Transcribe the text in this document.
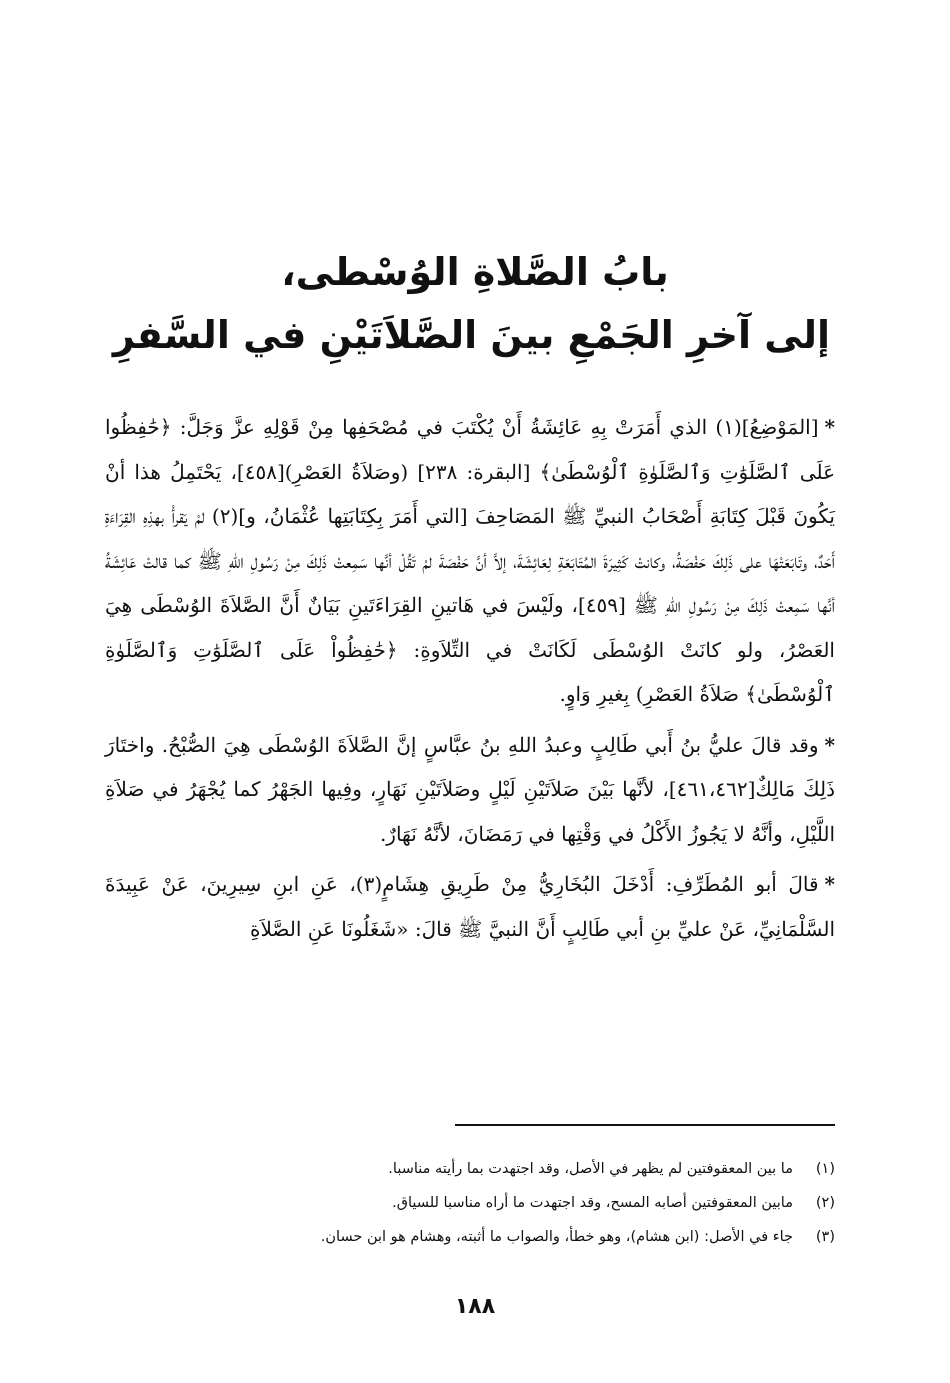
بابُ الصَّلاةِ الوُسْطى،
إلى آخرِ الجَمْعِ بينَ الصَّلاَتَيْنِ في السَّفرِ

*[المَوْضِعُ](١) الذي أَمَرَتْ بِهِ عَائِشَةُ أَنْ يُكْتَبَ في مُصْحَفِها مِنْ قَوْلِهِ عزَّ وَجَلَّ: ﴿حَٰفِظُوا عَلَى ٱلصَّلَوَٰتِ وَٱلصَّلَوٰةِ ٱلْوُسْطَىٰ﴾ [البقرة: ٢٣٨] (وصَلاَةُ العَصْرِ)[٤٥٨]، يَحْتَمِلُ هذا أنْ يَكُونَ قَبْلَ كِتَابَةِ أَصْحَابُ النبيِّ ﷺ المَصَاحِفَ [التي أَمَرَ بِكِتَابَتِها عُثْمَانُ، و](٢) لمْ يَقرأْ بهذِهِ القِرَاءَةِ أَحَدٌ، وتَابَعَتْهَا على ذَلِكَ حَفْصَةُ، وكانتْ كَثِيرَةَ المُتَابَعَةِ لِعَائِشَةَ، إلاَّ أنَّ حَفْصَةَ لمْ تَقُلْ أنَّها سَمِعتْ ذَلِكَ مِنْ رَسُولِ اللهِ ﷺ كما قالتْ عَائِشَةُ أنَّها سَمِعتْ ذَلِكَ مِنْ رَسُولِ اللهِ ﷺ [٤٥٩]، ولَيْسَ في هَاتينِ القِرَاءَتَينِ بَيَانٌ أَنَّ الصَّلاَةَ الوُسْطَى هِيَ العَصْرُ، ولو كانَتْ الوُسْطَى لَكَانَتْ في التِّلاَوةِ: ﴿حَٰفِظُواْ عَلَى ٱلصَّلَوَٰتِ وَٱلصَّلَوٰةِ ٱلْوُسْطَىٰ﴾ صَلاَةُ العَصْرِ) بِغيرِ وَاوٍ.

*وقد قالَ عليُّ بنُ أَبي طَالِبٍ وعبدُ اللهِ بنُ عبَّاسٍ إنَّ الصَّلاَةَ الوُسْطَى هِيَ الصُّبْحُ. واختَارَ ذَلِكَ مَالِكٌ[٤٦١،٤٦٢]، لأنَّها بَيْنَ صَلاَتَيْنِ لَيْلٍ وصَلاَتَيْنِ نَهَارٍ، وفِيها الجَهْرُ كما يُجْهَرُ في صَلاَةِ اللَّيْلِ، وأنَّهُ لا يَجُوزُ الأَكْلُ في وَقْتِها في رَمَضَانَ، لأنَّهُ نَهَارٌ.

*قالَ أبو المُطَرِّفِ: أَدْخَلَ البُخَارِيُّ مِنْ طَرِيقِ هِشَامٍ(٣)، عَنِ ابنِ سِيرِينَ، عَنْ عَبِيدَةَ السَّلْمَانِيِّ، عَنْ عليِّ بنِ أبي طَالِبٍ أَنَّ النبيَّ ﷺ قالَ: «شَغَلُونَا عَنِ الصَّلاَةِ

(١)ما بين المعقوفتين لم يظهر في الأصل، وقد اجتهدت بما رأيته مناسبا.
(٢)مابين المعقوفتين أصابه المسح، وقد اجتهدت ما أراه مناسبا للسياق.
(٣)جاء في الأصل: (ابن هشام)، وهو خطأ، والصواب ما أثبته، وهشام هو ابن حسان.
١٨٨
